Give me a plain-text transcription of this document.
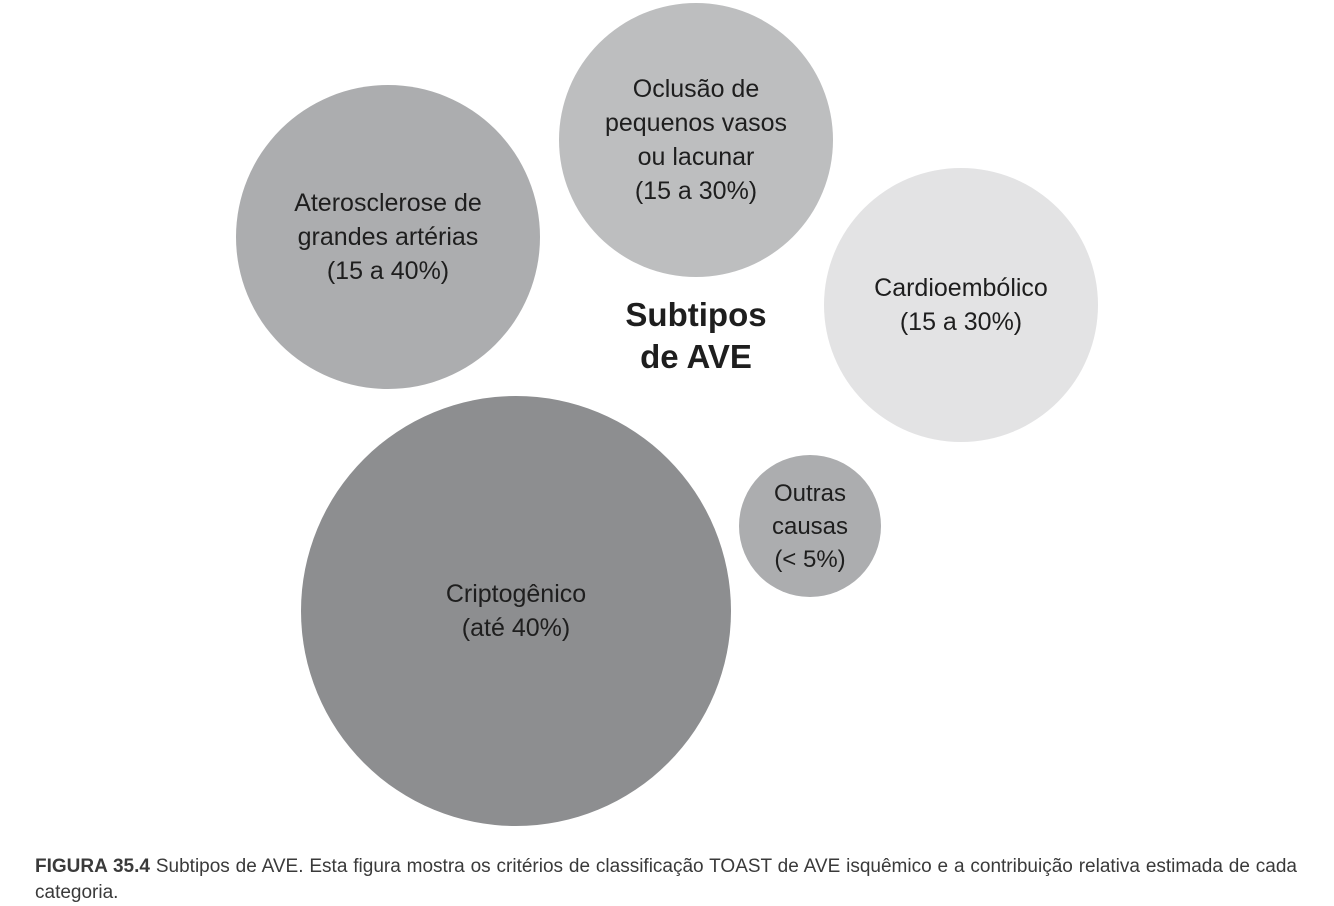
Aterosclerose de
grandes artérias
(15 a 40%)
Oclusão de
pequenos vasos
ou lacunar
(15 a 30%)
Cardioembólico
(15 a 30%)
Outras
causas
(< 5%)
Criptogênico
(até 40%)
Subtipos
de AVE

FIGURA 35.4 Subtipos de AVE. Esta figura mostra os critérios de classificação TOAST de AVE isquêmico e a contribuição relativa estimada de cada categoria.
